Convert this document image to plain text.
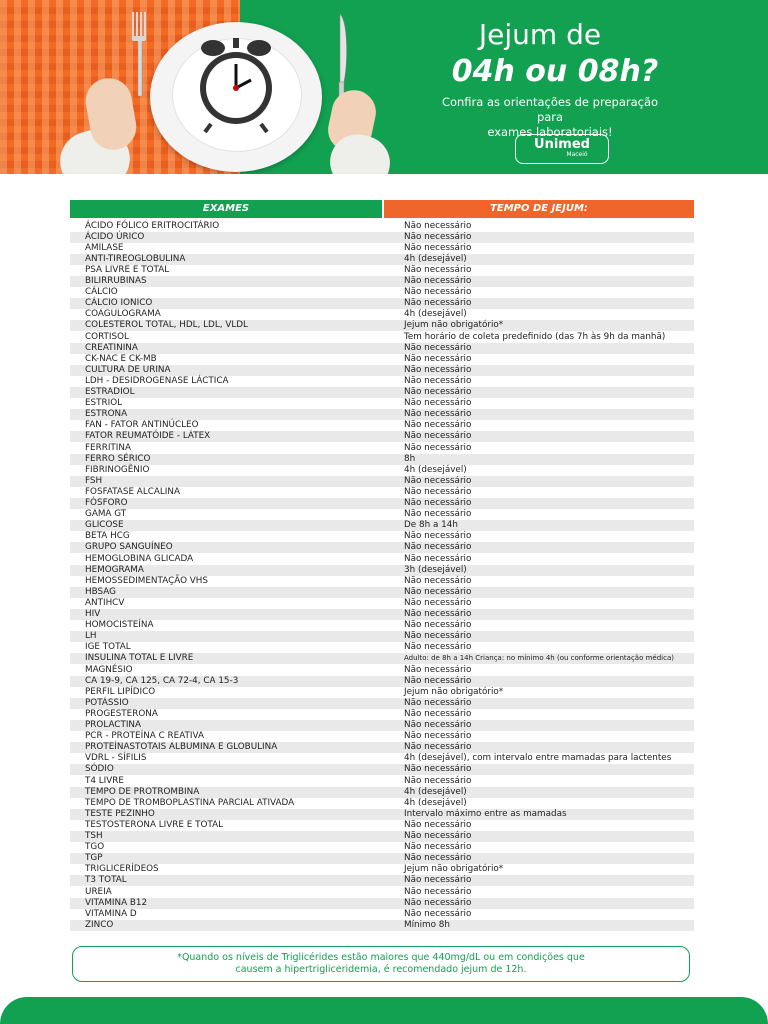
Jejum de
04h ou 08h?
Confira as orientações de preparação para
exames laboratoriais!
Unimed
Maceió
EXAMES	TEMPO DE JEJUM:
ÁCIDO FÓLICO ERITROCITÁRIO	Não necessário
ÁCIDO ÚRICO	Não necessário
AMILASE	Não necessário
ANTI-TIREOGLOBULINA	4h (desejável)
PSA LIVRE E TOTAL	Não necessário
BILIRRUBINAS	Não necessário
CÁLCIO	Não necessário
CÁLCIO IONICO	Não necessário
COAGULOGRAMA	4h (desejável)
COLESTEROL TOTAL, HDL, LDL, VLDL	Jejum não obrigatório*
CORTISOL	Tem horário de coleta predefinido (das 7h às 9h da manhã)
CREATININA	Não necessário
CK-NAC E CK-MB	Não necessário
CULTURA DE URINA	Não necessário
LDH - DESIDROGENASE LÁCTICA	Não necessário
ESTRADIOL	Não necessário
ESTRIOL	Não necessário
ESTRONA	Não necessário
FAN - FATOR ANTINÚCLEO	Não necessário
FATOR REUMATÓIDE - LÁTEX	Não necessário
FERRITINA	Não necessário
FERRO SÉRICO	8h
FIBRINOGÊNIO	4h (desejável)
FSH	Não necessário
FOSFATASE ALCALINA	Não necessário
FÓSFORO	Não necessário
GAMA GT	Não necessário
GLICOSE	De 8h a 14h
BETA HCG	Não necessário
GRUPO SANGUÍNEO	Não necessário
HEMOGLOBINA GLICADA	Não necessário
HEMOGRAMA	3h (desejável)
HEMOSSEDIMENTAÇÃO VHS	Não necessário
HBSAG	Não necessário
ANTIHCV	Não necessário
HIV	Não necessário
HOMOCISTEÍNA	Não necessário
LH	Não necessário
IGE TOTAL	Não necessário
INSULINA TOTAL E LIVRE	Adulto: de 8h a 14h Criança: no mínimo 4h (ou conforme orientação médica)
MAGNÉSIO	Não necessário
CA 19-9, CA 125, CA 72-4, CA 15-3	Não necessário
PERFIL LIPÍDICO	Jejum não obrigatório*
POTÁSSIO	Não necessário
PROGESTERONA	Não necessário
PROLACTINA	Não necessário
PCR - PROTEÍNA C REATIVA	Não necessário
PROTEÍNASTOTAIS ALBUMINA E GLOBULINA	Não necessário
VDRL - SÍFILIS	4h (desejável), com intervalo entre mamadas para lactentes
SÓDIO	Não necessário
T4 LIVRE	Não necessário
TEMPO DE PROTROMBINA	4h (desejável)
TEMPO DE TROMBOPLASTINA PARCIAL ATIVADA	4h (desejável)
TESTE PEZINHO	Intervalo máximo entre as mamadas
TESTOSTERONA LIVRE E TOTAL	Não necessário
TSH	Não necessário
TGO	Não necessário
TGP	Não necessário
TRIGLICERÍDEOS	Jejum não obrigatório*
T3 TOTAL	Não necessário
UREIA	Não necessário
VITAMINA B12	Não necessário
VITAMINA D	Não necessário
ZINCO	Mínimo 8h
*Quando os níveis de Triglicérides estão maiores que 440mg/dL ou em condições que
causem a hipertrigliceridemia, é recomendado jejum de 12h.
